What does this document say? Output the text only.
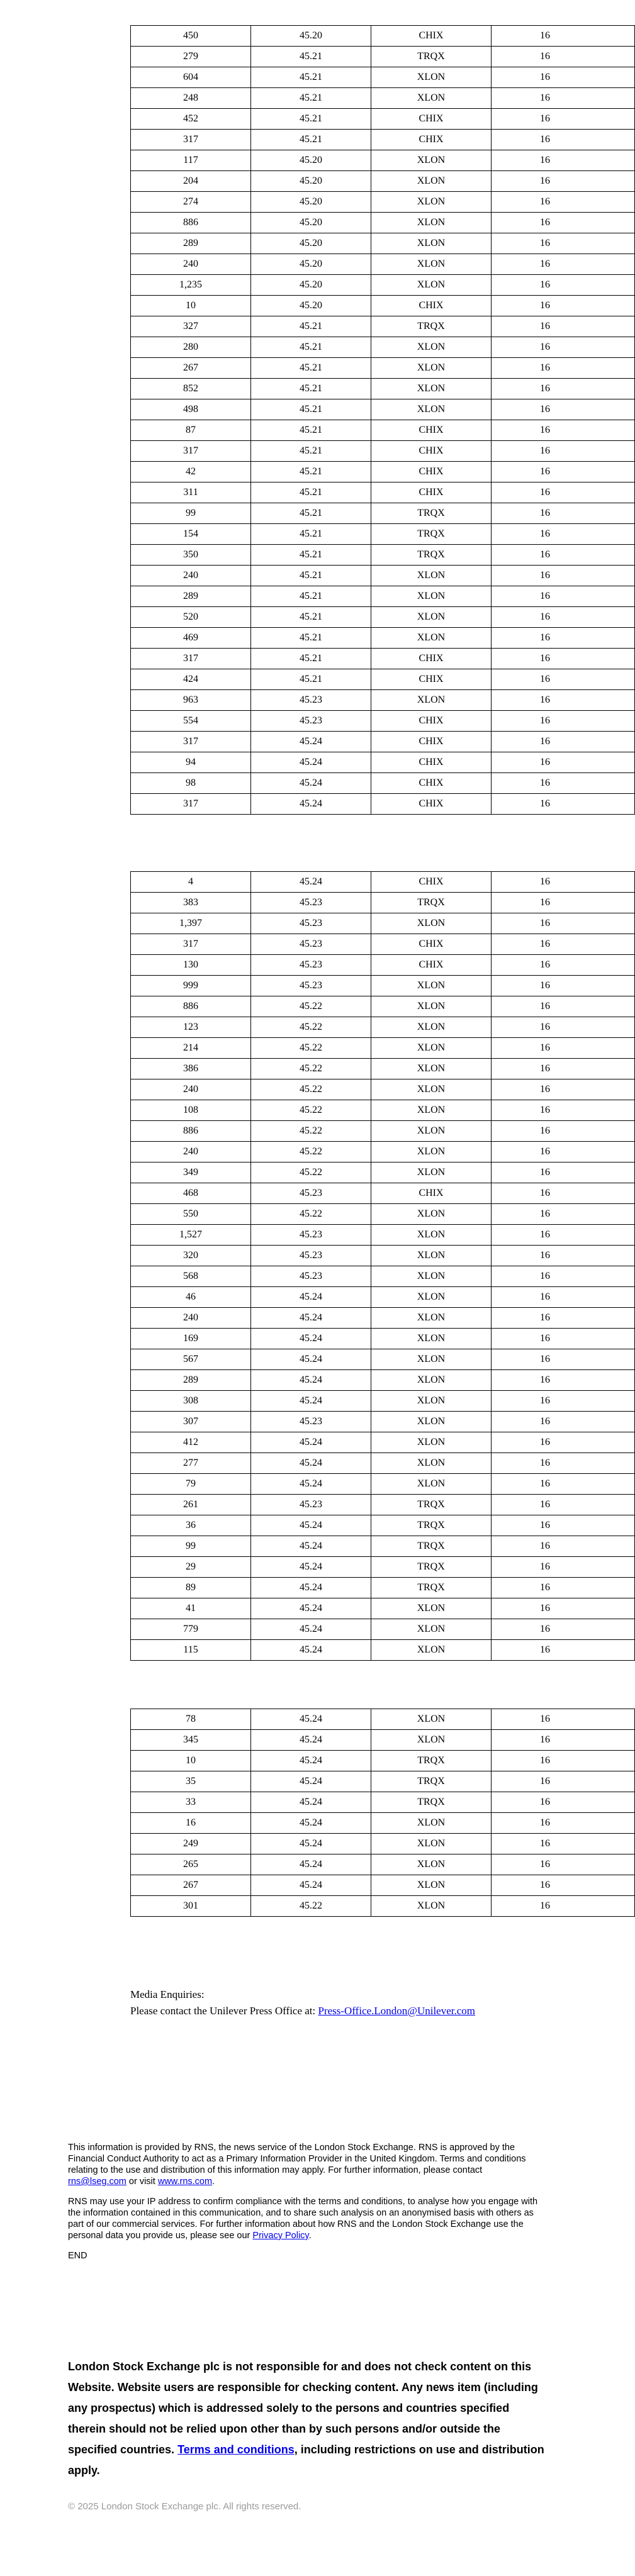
450	45.20	CHIX	16
279	45.21	TRQX	16
604	45.21	XLON	16
248	45.21	XLON	16
452	45.21	CHIX	16
317	45.21	CHIX	16
117	45.20	XLON	16
204	45.20	XLON	16
274	45.20	XLON	16
886	45.20	XLON	16
289	45.20	XLON	16
240	45.20	XLON	16
1,235	45.20	XLON	16
10	45.20	CHIX	16
327	45.21	TRQX	16
280	45.21	XLON	16
267	45.21	XLON	16
852	45.21	XLON	16
498	45.21	XLON	16
87	45.21	CHIX	16
317	45.21	CHIX	16
42	45.21	CHIX	16
311	45.21	CHIX	16
99	45.21	TRQX	16
154	45.21	TRQX	16
350	45.21	TRQX	16
240	45.21	XLON	16
289	45.21	XLON	16
520	45.21	XLON	16
469	45.21	XLON	16
317	45.21	CHIX	16
424	45.21	CHIX	16
963	45.23	XLON	16
554	45.23	CHIX	16
317	45.24	CHIX	16
94	45.24	CHIX	16
98	45.24	CHIX	16
317	45.24	CHIX	16
4	45.24	CHIX	16
383	45.23	TRQX	16
1,397	45.23	XLON	16
317	45.23	CHIX	16
130	45.23	CHIX	16
999	45.23	XLON	16
886	45.22	XLON	16
123	45.22	XLON	16
214	45.22	XLON	16
386	45.22	XLON	16
240	45.22	XLON	16
108	45.22	XLON	16
886	45.22	XLON	16
240	45.22	XLON	16
349	45.22	XLON	16
468	45.23	CHIX	16
550	45.22	XLON	16
1,527	45.23	XLON	16
320	45.23	XLON	16
568	45.23	XLON	16
46	45.24	XLON	16
240	45.24	XLON	16
169	45.24	XLON	16
567	45.24	XLON	16
289	45.24	XLON	16
308	45.24	XLON	16
307	45.23	XLON	16
412	45.24	XLON	16
277	45.24	XLON	16
79	45.24	XLON	16
261	45.23	TRQX	16
36	45.24	TRQX	16
99	45.24	TRQX	16
29	45.24	TRQX	16
89	45.24	TRQX	16
41	45.24	XLON	16
779	45.24	XLON	16
115	45.24	XLON	16
78	45.24	XLON	16
345	45.24	XLON	16
10	45.24	TRQX	16
35	45.24	TRQX	16
33	45.24	TRQX	16
16	45.24	XLON	16
249	45.24	XLON	16
265	45.24	XLON	16
267	45.24	XLON	16
301	45.22	XLON	16
Media Enquiries:
Please contact the Unilever Press Office at: Press-Office.London@Unilever.com

This information is provided by RNS, the news service of the London Stock Exchange. RNS is approved by the Financial Conduct Authority to act as a Primary Information Provider in the United Kingdom. Terms and conditions relating to the use and distribution of this information may apply. For further information, please contact rns@lseg.com or visit www.rns.com.

RNS may use your IP address to confirm compliance with the terms and conditions, to analyse how you engage with the information contained in this communication, and to share such analysis on an anonymised basis with others as part of our commercial services. For further information about how RNS and the London Stock Exchange use the personal data you provide us, please see our Privacy Policy.

END

London Stock Exchange plc is not responsible for and does not check content on this Website. Website users are responsible for checking content. Any news item (including any prospectus) which is addressed solely to the persons and countries specified therein should not be relied upon other than by such persons and/or outside the specified countries. Terms and conditions, including restrictions on use and distribution apply.
© 2025 London Stock Exchange plc. All rights reserved.
